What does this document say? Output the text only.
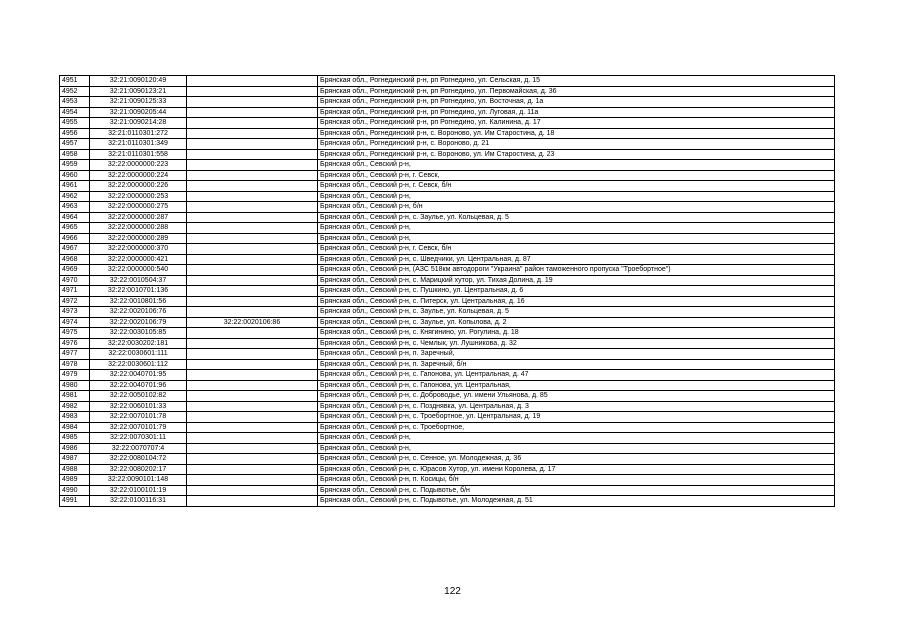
4951	32:21:0090120:49		Брянская обл., Рогнединский р-н, рп Рогнедино, ул. Сельская, д. 15
4952	32:21:0090123:21		Брянская обл., Рогнединский р-н, рп Рогнедино, ул. Первомайская, д. 36
4953	32:21:0090125:33		Брянская обл., Рогнединский р-н, рп Рогнедино, ул. Восточная, д. 1а
4954	32:21:0090205:44		Брянская обл., Рогнединский р-н, рп Рогнедино, ул. Луговая, д. 11а
4955	32:21:0090214:28		Брянская обл., Рогнединский р-н, рп Рогнедино, ул. Калинина, д. 17
4956	32:21:0110301:272		Брянская обл., Рогнединский р-н, с. Вороново, ул. Им Старостина, д. 18
4957	32:21:0110301:349		Брянская обл., Рогнединский р-н, с. Вороново, д. 21
4958	32:21:0110301:558		Брянская обл., Рогнединский р-н, с. Вороново, ул. Им Старостина, д. 23
4959	32:22:0000000:223		Брянская обл., Севский р-н,
4960	32:22:0000000:224		Брянская обл., Севский р-н, г. Севск,
4961	32:22:0000000:226		Брянская обл., Севский р-н, г. Севск, б/н
4962	32:22:0000000:253		Брянская обл., Севский р-н,
4963	32:22:0000000:275		Брянская обл., Севский р-н, б/н
4964	32:22:0000000:287		Брянская обл., Севский р-н, с. Заулье, ул. Кольцевая, д. 5
4965	32:22:0000000:288		Брянская обл., Севский р-н,
4966	32:22:0000000:289		Брянская обл., Севский р-н,
4967	32:22:0000000:370		Брянская обл., Севский р-н, г. Севск, б/н
4968	32:22:0000000:421		Брянская обл., Севский р-н, с. Шведчики, ул. Центральная, д. 87
4969	32:22:0000000:540		Брянская обл., Севский р-н, (АЗС 518км автодороги "Украина" район таможенного пропуска "Троебортное")
4970	32:22:0010504:37		Брянская обл., Севский р-н, с. Марицкий хутор, ул. Тихая Долина, д. 19
4971	32:22:0010701:136		Брянская обл., Севский р-н, с. Пушкино, ул. Центральная, д. 6
4972	32:22:0010801:56		Брянская обл., Севский р-н, с. Питерск, ул. Центральная, д. 16
4973	32:22:0020106:76		Брянская обл., Севский р-н, с. Заулье, ул. Кольцевая, д. 5
4974	32:22:0020106:79	32:22:0020106:86	Брянская обл., Севский р-н, с. Заулье, ул. Копылова, д. 2
4975	32:22:0030105:85		Брянская обл., Севский р-н, с. Княгинино, ул. Рогулина, д. 18
4976	32:22:0030202:181		Брянская обл., Севский р-н, с. Чемлык, ул. Лушникова, д. 32
4977	32:22:0030601:111		Брянская обл., Севский р-н, п. Заречный,
4978	32:22:0030601:112		Брянская обл., Севский р-н, п. Заречный, б/н
4979	32:22:0040701:95		Брянская обл., Севский р-н, с. Гапонова, ул. Центральная, д. 47
4980	32:22:0040701:96		Брянская обл., Севский р-н, с. Гапонова, ул. Центральная,
4981	32:22:0050102:82		Брянская обл., Севский р-н, с. Доброводье, ул. имени Ульянова, д. 85
4982	32:22:0060101:33		Брянская обл., Севский р-н, с. Позднявка, ул. Центральная, д. 3
4983	32:22:0070101:78		Брянская обл., Севский р-н, с. Троебортное, ул. Центральная, д. 19
4984	32:22:0070101:79		Брянская обл., Севский р-н, с. Троебортное,
4985	32:22:0070301:11		Брянская обл., Севский р-н,
4986	32:22:0070707:4		Брянская обл., Севский р-н,
4987	32:22:0080104:72		Брянская обл., Севский р-н, с. Сенное, ул. Молодежная, д. 36
4988	32:22:0080202:17		Брянская обл., Севский р-н, с. Юрасов Хутор, ул. имени Королева, д. 17
4989	32:22:0090101:148		Брянская обл., Севский р-н, п. Косицы, б/н
4990	32:22:0100101:19		Брянская обл., Севский р-н, с. Подывотье, б/н
4991	32:22:0100116:31		Брянская обл., Севский р-н, с. Подывотье, ул. Молодежная, д. 51
122
